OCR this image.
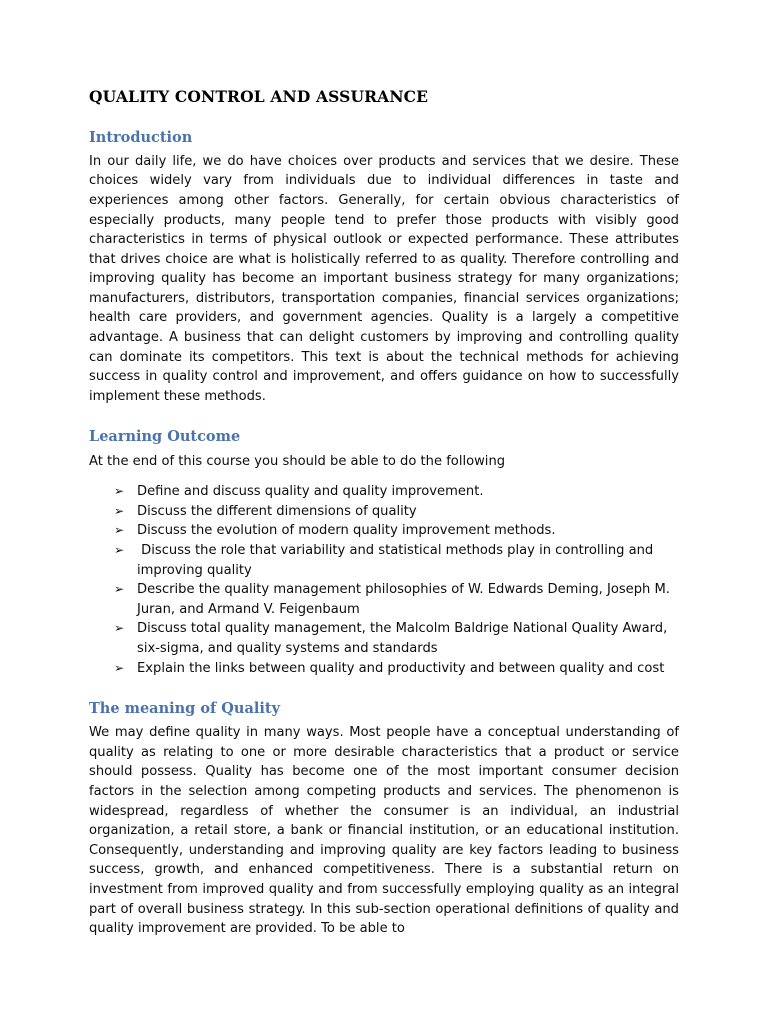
QUALITY CONTROL AND ASSURANCE
Introduction

In our daily life, we do have choices over products and services that we desire. These choices widely vary from individuals due to individual differences in taste and experiences among other factors. Generally, for certain obvious characteristics of especially products, many people tend to prefer those products with visibly good characteristics in terms of physical outlook or expected performance. These attributes that drives choice are what is holistically referred to as quality. Therefore controlling and improving quality has become an important business strategy for many organizations; manufacturers, distributors, transportation companies, financial services organizations; health care providers, and government agencies. Quality is a largely a competitive advantage. A business that can delight customers by improving and controlling quality can dominate its competitors. This text is about the technical methods for achieving success in quality control and improvement, and offers guidance on how to successfully implement these methods.

Learning Outcome

At the end of this course you should be able to do the following

➢ Define and discuss quality and quality improvement.
➢ Discuss the different dimensions of quality
➢ Discuss the evolution of modern quality improvement methods.
➢ Discuss the role that variability and statistical methods play in controlling and improving quality
➢ Describe the quality management philosophies of W. Edwards Deming, Joseph M. Juran, and Armand V. Feigenbaum
➢ Discuss total quality management, the Malcolm Baldrige National Quality Award, six-sigma, and quality systems and standards
➢ Explain the links between quality and productivity and between quality and cost
The meaning of Quality

We may define quality in many ways. Most people have a conceptual understanding of quality as relating to one or more desirable characteristics that a product or service should possess. Quality has become one of the most important consumer decision factors in the selection among competing products and services. The phenomenon is widespread, regardless of whether the consumer is an individual, an industrial organization, a retail store, a bank or financial institution, or an educational institution. Consequently, understanding and improving quality are key factors leading to business success, growth, and enhanced competitiveness. There is a substantial return on investment from improved quality and from successfully employing quality as an integral part of overall business strategy. In this sub-section operational definitions of quality and quality improvement are provided. To be able to
